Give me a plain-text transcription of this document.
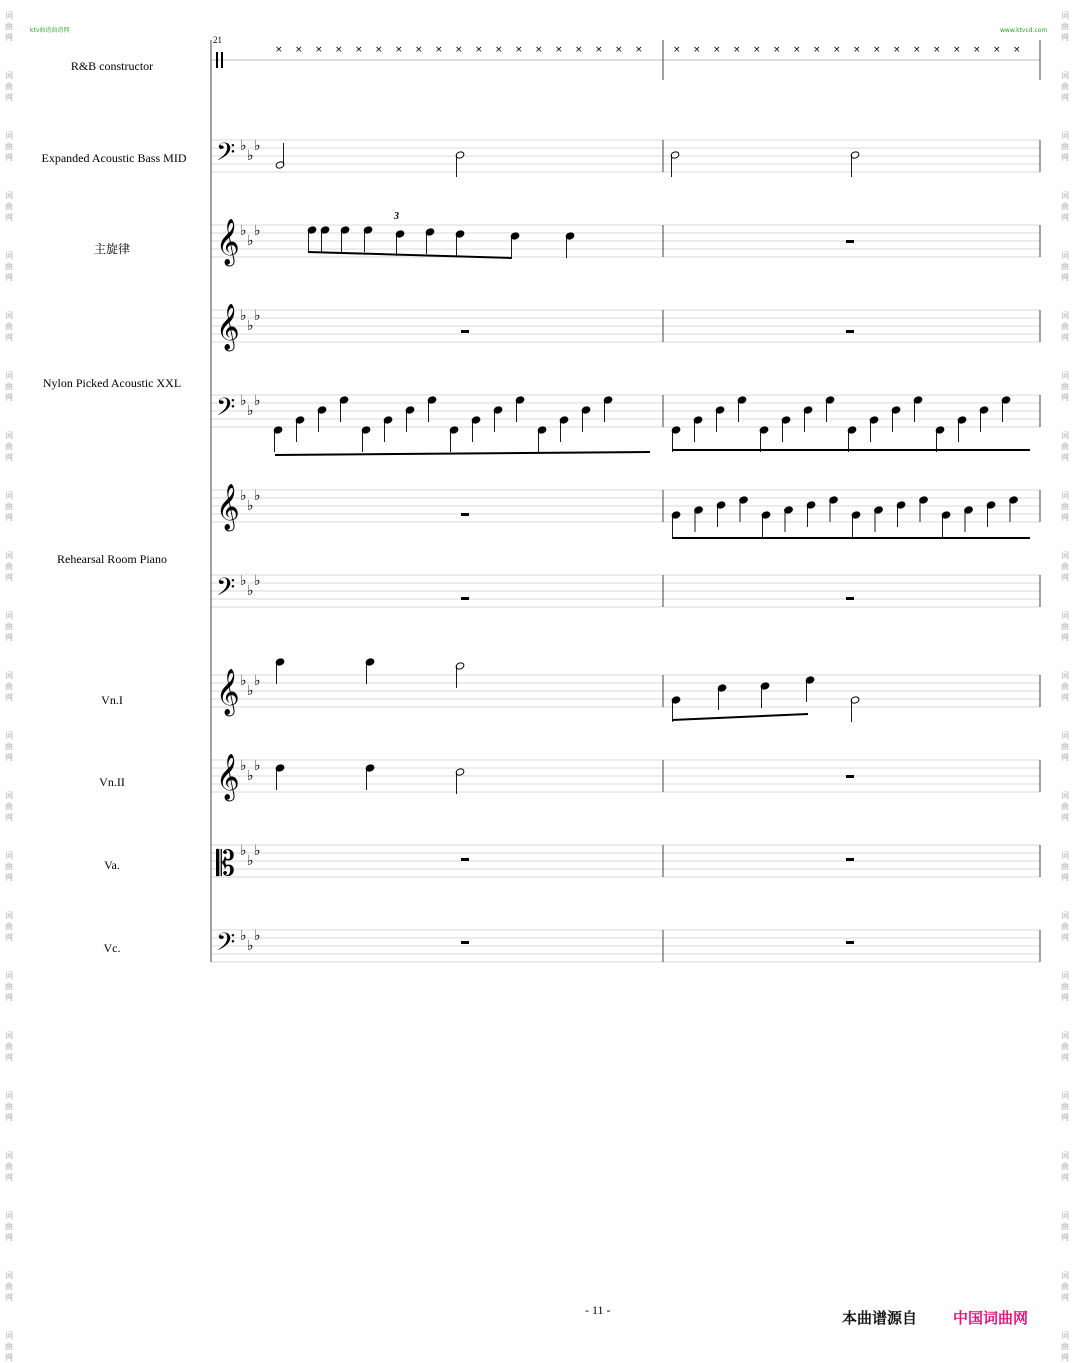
ktv曲谱曲谱网	www.ktvcd.com
21
R&B constructor
Expanded Acoustic Bass MID
主旋律
Nylon Picked Acoustic XXL
Rehearsal Room Piano
Vn.I
Vn.II
Va.
Vc.
𝄢 ♭
♭
♭
𝄞 ♭
♭
♭
𝄞 ♭
♭
♭
𝄢 ♭
♭
♭
𝄞 ♭
♭
♭
𝄢 ♭
♭
♭
𝄞 ♭
♭
♭
𝄞 ♭
♭
♭
𝄡 ♭
♭
♭
𝄢 ♭
♭
♭
× × × × × × × × × × × × × × × × × × ×	× × × × × × × × × × × × × × × × × ×
3
- 11 -	本曲谱源自 中国词曲网
词
曲
网
词
曲
网
词
曲
网
词
曲
网
词
曲
网
词
曲
网
词
曲
网
词
曲
网
词
曲
网
词
曲
网
词
曲
网
词
曲
网
词
曲
网
词
曲
网
词
曲
网
词
曲
网
词
曲
网
词
曲
网
词
曲
网
词
曲
网
词
曲
网
词
曲
网
词
曲
网
词
曲
网
词
曲
网
词
曲
网
词
曲
网
词
曲
网
词
曲
网
词
曲
网
词
曲
网
词
曲
网
词
曲
网
词
曲
网
词
曲
网
词
曲
网
词
曲
网
词
曲
网
词
曲
网
词
曲
网
词
曲
网
词
曲
网
词
曲
网
词
曲
网
词
曲
网
词
曲
网
